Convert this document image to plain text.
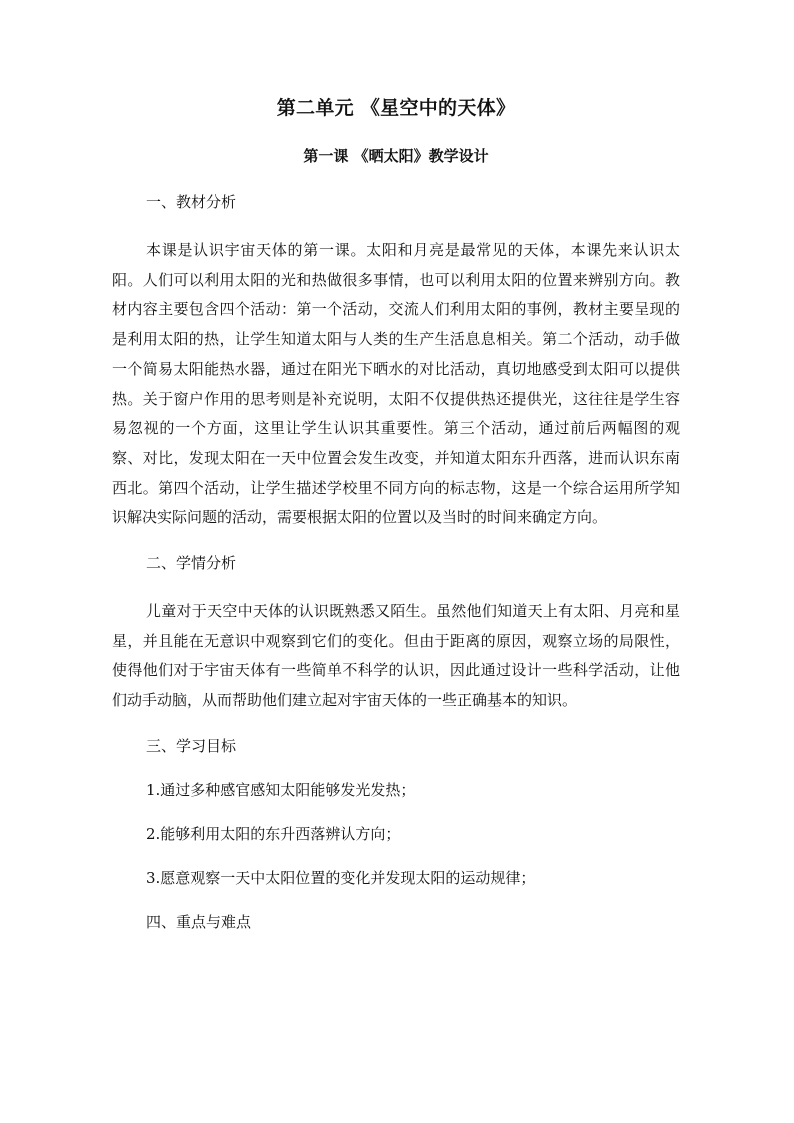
第二单元 《星空中的天体》
第一课 《晒太阳》教学设计
一、教材分析
本课是认识宇宙天体的第一课。太阳和月亮是最常见的天体，本课先来认识太阳。人们可以利用太阳的光和热做很多事情，也可以利用太阳的位置来辨别方向。教材内容主要包含四个活动：第一个活动，交流人们利用太阳的事例，教材主要呈现的是利用太阳的热，让学生知道太阳与人类的生产生活息息相关。第二个活动，动手做一个简易太阳能热水器，通过在阳光下晒水的对比活动，真切地感受到太阳可以提供热。关于窗户作用的思考则是补充说明，太阳不仅提供热还提供光，这往往是学生容易忽视的一个方面，这里让学生认识其重要性。第三个活动，通过前后两幅图的观察、对比，发现太阳在一天中位置会发生改变，并知道太阳东升西落，进而认识东南西北。第四个活动，让学生描述学校里不同方向的标志物，这是一个综合运用所学知识解决实际问题的活动，需要根据太阳的位置以及当时的时间来确定方向。
二、学情分析
儿童对于天空中天体的认识既熟悉又陌生。虽然他们知道天上有太阳、月亮和星星，并且能在无意识中观察到它们的变化。但由于距离的原因，观察立场的局限性，使得他们对于宇宙天体有一些简单不科学的认识，因此通过设计一些科学活动，让他们动手动脑，从而帮助他们建立起对宇宙天体的一些正确基本的知识。
三、学习目标
1.通过多种感官感知太阳能够发光发热；
2.能够利用太阳的东升西落辨认方向；
3.愿意观察一天中太阳位置的变化并发现太阳的运动规律；
四、重点与难点
